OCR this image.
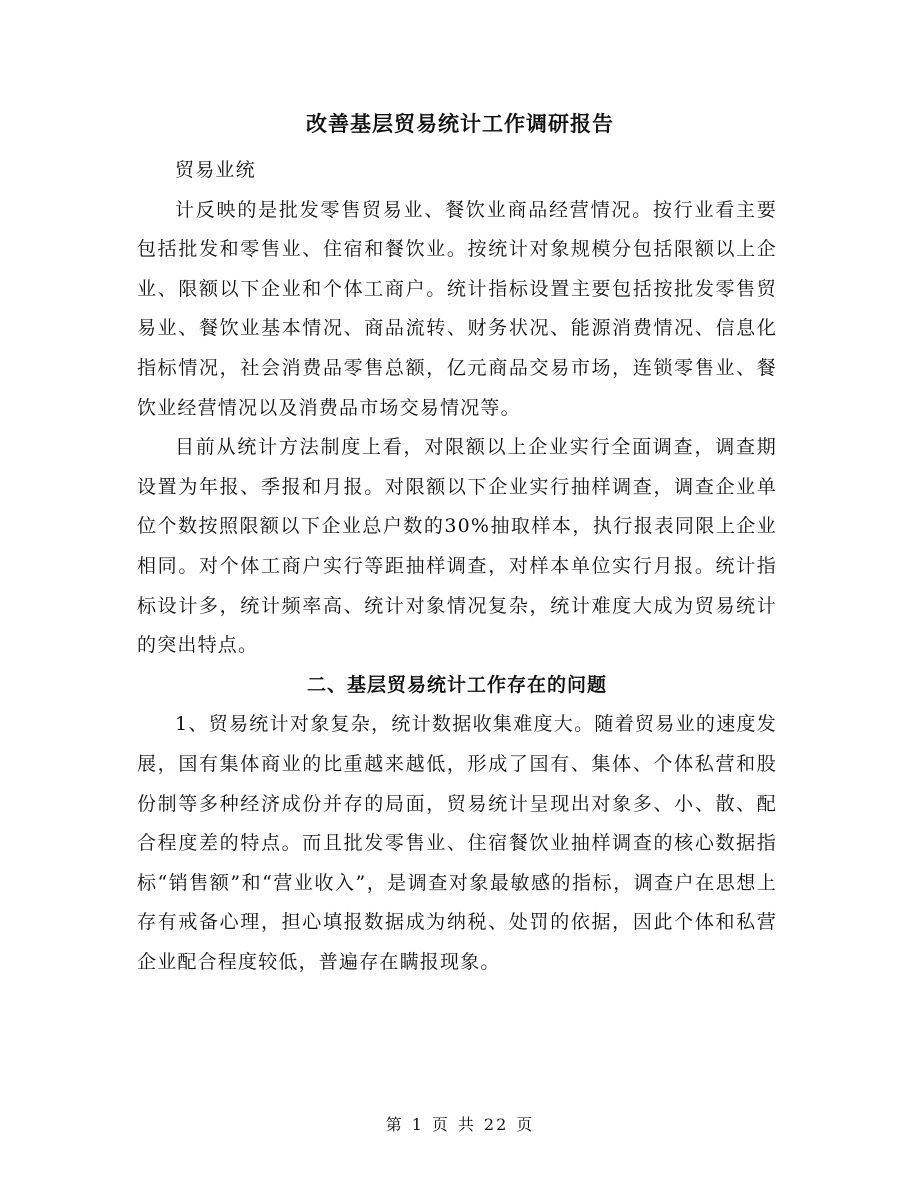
改善基层贸易统计工作调研报告

贸易业统

计反映的是批发零售贸易业、餐饮业商品经营情况。按行业看主要包括批发和零售业、住宿和餐饮业。按统计对象规模分包括限额以上企业、限额以下企业和个体工商户。统计指标设置主要包括按批发零售贸易业、餐饮业基本情况、商品流转、财务状况、能源消费情况、信息化指标情况，社会消费品零售总额，亿元商品交易市场，连锁零售业、餐饮业经营情况以及消费品市场交易情况等。

目前从统计方法制度上看，对限额以上企业实行全面调查，调查期设置为年报、季报和月报。对限额以下企业实行抽样调查，调查企业单位个数按照限额以下企业总户数的30%抽取样本，执行报表同限上企业相同。对个体工商户实行等距抽样调查，对样本单位实行月报。统计指标设计多，统计频率高、统计对象情况复杂，统计难度大成为贸易统计的突出特点。

二、基层贸易统计工作存在的问题

1、贸易统计对象复杂，统计数据收集难度大。随着贸易业的速度发展，国有集体商业的比重越来越低，形成了国有、集体、个体私营和股份制等多种经济成份并存的局面，贸易统计呈现出对象多、小、散、配合程度差的特点。而且批发零售业、住宿餐饮业抽样调查的核心数据指标“销售额”和“营业收入”，是调查对象最敏感的指标，调查户在思想上存有戒备心理，担心填报数据成为纳税、处罚的依据，因此个体和私营企业配合程度较低，普遍存在瞒报现象。

第 1 页 共 22 页
